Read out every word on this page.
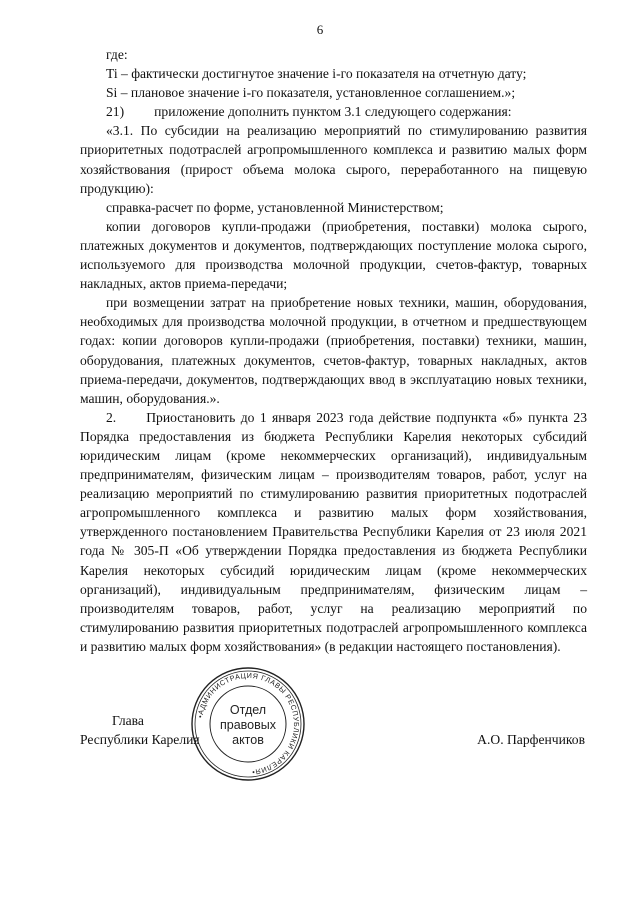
6

где:

Ti – фактически достигнутое значение i-го показателя на отчетную дату;

Si – плановое значение i-го показателя, установленное соглашением.»;

21) приложение дополнить пунктом 3.1 следующего содержания:

«3.1. По субсидии на реализацию мероприятий по стимулированию развития приоритетных подотраслей агропромышленного комплекса и развитию малых форм хозяйствования (прирост объема молока сырого, переработанного на пищевую продукцию):

справка-расчет по форме, установленной Министерством;

копии договоров купли-продажи (приобретения, поставки) молока сырого, платежных документов и документов, подтверждающих поступление молока сырого, используемого для производства молочной продукции, счетов-фактур, товарных накладных, актов приема-передачи;

при возмещении затрат на приобретение новых техники, машин, оборудования, необходимых для производства молочной продукции, в отчетном и предшествующем годах: копии договоров купли-продажи (приобретения, поставки) техники, машин, оборудования, платежных документов, счетов-фактур, товарных накладных, актов приема-передачи, документов, подтверждающих ввод в эксплуатацию новых техники, машин, оборудования.».

2. Приостановить до 1 января 2023 года действие подпункта «б» пункта 23 Порядка предоставления из бюджета Республики Карелия некоторых субсидий юридическим лицам (кроме некоммерческих организаций), индивидуальным предпринимателям, физическим лицам – производителям товаров, работ, услуг на реализацию мероприятий по стимулированию развития приоритетных подотраслей агропромышленного комплекса и развитию малых форм хозяйствования, утвержденного постановлением Правительства Республики Карелия от 23 июля 2021 года № 305-П «Об утверждении Порядка предоставления из бюджета Республики Карелия некоторых субсидий юридическим лицам (кроме некоммерческих организаций), индивидуальным предпринимателям, физическим лицам – производителям товаров, работ, услуг на реализацию мероприятий по стимулированию развития приоритетных подотраслей агропромышленного комплекса и развитию малых форм хозяйствования» (в редакции настоящего постановления).

Глава
Республики Карелия	А.О. Парфенчиков
•АДМИНИСТРАЦИЯ ГЛАВЫ РЕСПУБЛИКИ КАРЕЛИЯ•
Отдел
правовых
актов
